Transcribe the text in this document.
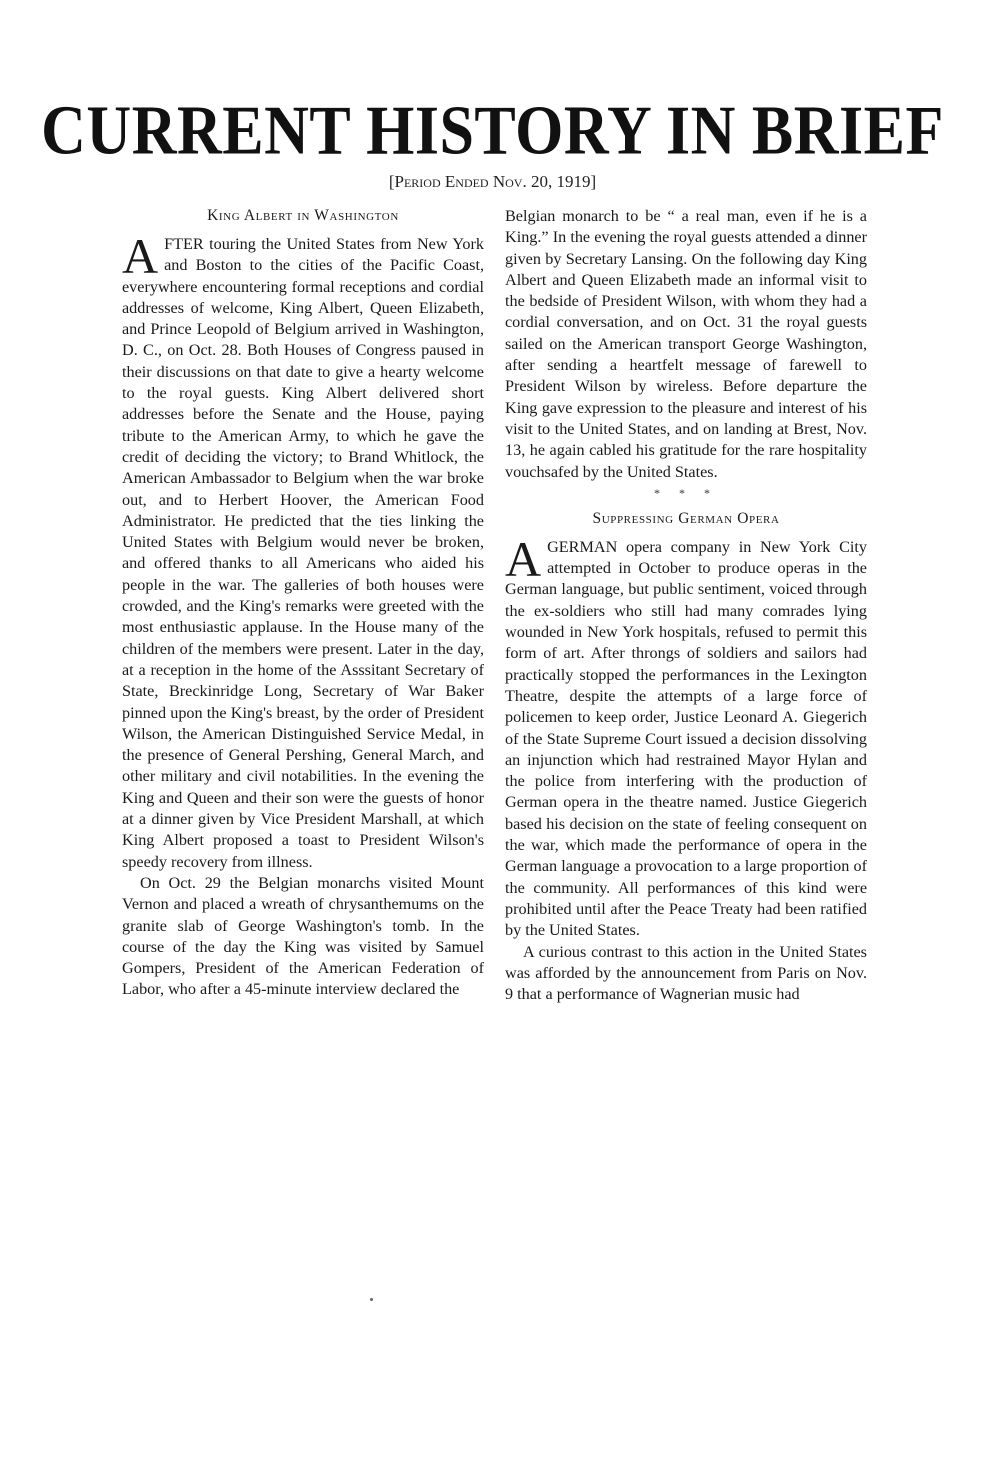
CURRENT HISTORY IN BRIEF
[Period Ended Nov. 20, 1919]
King Albert in Washington

AFTER touring the United States from New York and Boston to the cities of the Pacific Coast, everywhere encountering formal receptions and cordial addresses of welcome, King Albert, Queen Elizabeth, and Prince Leopold of Belgium arrived in Washington, D. C., on Oct. 28. Both Houses of Congress paused in their discussions on that date to give a hearty welcome to the royal guests. King Albert delivered short addresses before the Senate and the House, paying tribute to the American Army, to which he gave the credit of deciding the victory; to Brand Whitlock, the American Ambassador to Belgium when the war broke out, and to Herbert Hoover, the American Food Administrator. He predicted that the ties linking the United States with Belgium would never be broken, and offered thanks to all Americans who aided his people in the war. The galleries of both houses were crowded, and the King's remarks were greeted with the most enthusiastic applause. In the House many of the children of the members were present. Later in the day, at a reception in the home of the Asssitant Secretary of State, Breckinridge Long, Secretary of War Baker pinned upon the King's breast, by the order of President Wilson, the American Distinguished Service Medal, in the presence of General Pershing, General March, and other military and civil notabilities. In the evening the King and Queen and their son were the guests of honor at a dinner given by Vice President Marshall, at which King Albert proposed a toast to President Wilson's speedy recovery from illness.

On Oct. 29 the Belgian monarchs visited Mount Vernon and placed a wreath of chrysanthemums on the granite slab of George Washington's tomb. In the course of the day the King was visited by Samuel Gompers, President of the American Federation of Labor, who after a 45-minute interview declared the

Belgian monarch to be “ a real man, even if he is a King.” In the evening the royal guests attended a dinner given by Secretary Lansing. On the following day King Albert and Queen Elizabeth made an informal visit to the bedside of President Wilson, with whom they had a cordial conversation, and on Oct. 31 the royal guests sailed on the American transport George Washington, after sending a heartfelt message of farewell to President Wilson by wireless. Before departure the King gave expression to the pleasure and interest of his visit to the United States, and on landing at Brest, Nov. 13, he again cabled his gratitude for the rare hospitality vouchsafed by the United States.

* * *
Suppressing German Opera

AGERMAN opera company in New York City attempted in October to produce operas in the German language, but public sentiment, voiced through the ex-soldiers who still had many comrades lying wounded in New York hospitals, refused to permit this form of art. After throngs of soldiers and sailors had practically stopped the performances in the Lexington Theatre, despite the attempts of a large force of policemen to keep order, Justice Leonard A. Giegerich of the State Supreme Court issued a decision dissolving an injunction which had restrained Mayor Hylan and the police from interfering with the production of German opera in the theatre named. Justice Giegerich based his decision on the state of feeling consequent on the war, which made the performance of opera in the German language a provocation to a large proportion of the community. All performances of this kind were prohibited until after the Peace Treaty had been ratified by the United States.

A curious contrast to this action in the United States was afforded by the announcement from Paris on Nov. 9 that a performance of Wagnerian music had
